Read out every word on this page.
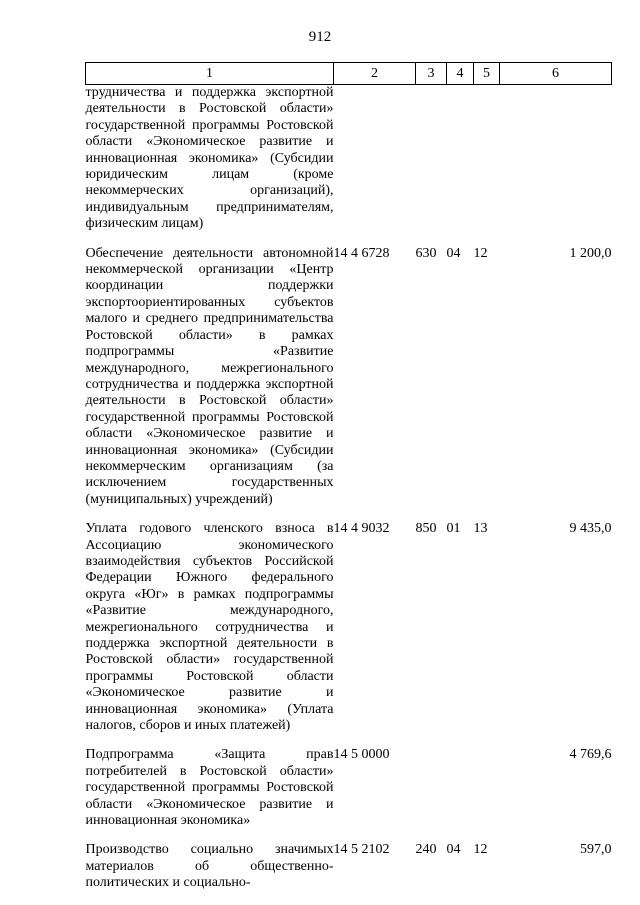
912
1	2	3	4	5	6
трудничества и поддержка экспортной деятельности в Ростовской области» государственной программы Ростовской области «Экономическое развитие и инновационная экономика» (Субсидии юридическим лицам (кроме некоммерческих организаций), индивидуальным предпринимателям, физическим лицам)					
Обеспечение деятельности автономной некоммерческой организации «Центр координации поддержки экспортоориентированных субъектов малого и среднего предпринимательства Ростовской области» в рамках подпрограммы «Развитие международного, межрегионального сотрудничества и поддержка экспортной деятельности в Ростовской области» государственной программы Ростовской области «Экономическое развитие и инновационная экономика» (Субсидии некоммерческим организациям (за исключением государственных (муниципальных) учреждений)	14 4 6728	630	04	12	1 200,0
Уплата годового членского взноса в Ассоциацию экономического взаимодействия субъектов Российской Федерации Южного федерального округа «Юг» в рамках подпрограммы «Развитие международного, межрегионального сотрудничества и поддержка экспортной деятельности в Ростовской области» государственной программы Ростовской области «Экономическое развитие и инновационная экономика» (Уплата налогов, сборов и иных платежей)	14 4 9032	850	01	13	9 435,0
Подпрограмма «Защита прав потребителей в Ростовской области» государственной программы Ростовской области «Экономическое развитие и инновационная экономика»	14 5 0000				4 769,6
Производство социально значимых материалов об общественно-политических и социально-	14 5 2102	240	04	12	597,0
